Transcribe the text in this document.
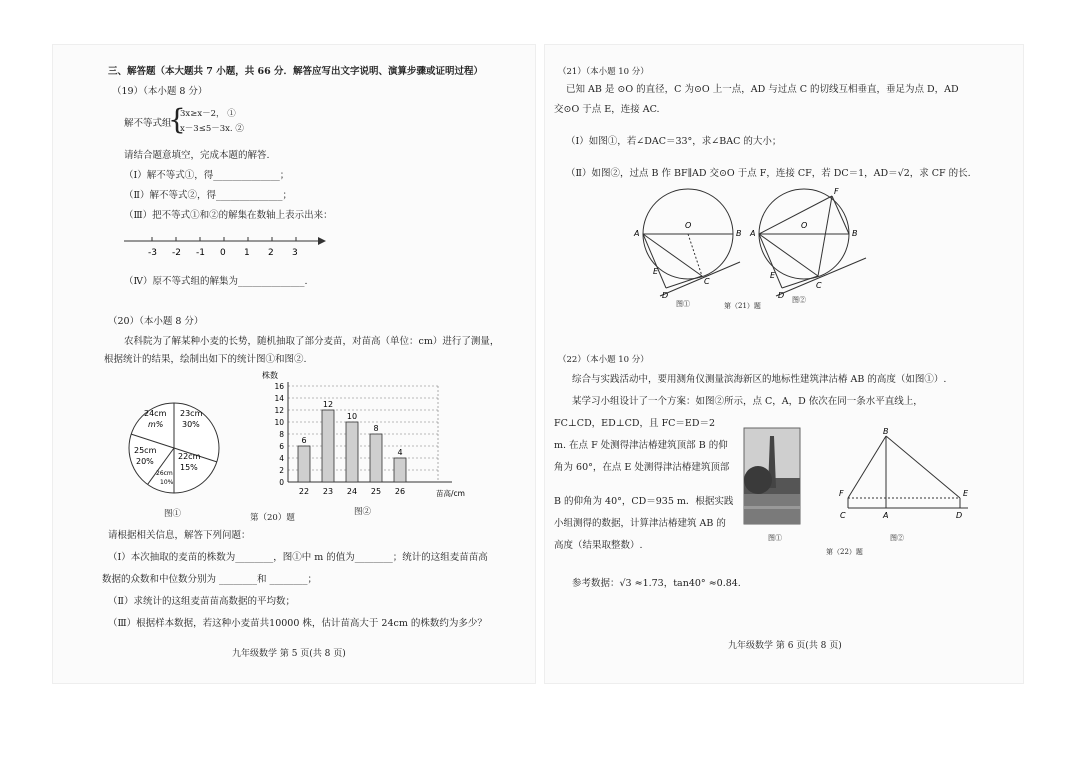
三、解答题（本大题共 7 小题，共 66 分．解答应写出文字说明、演算步骤或证明过程）
（19）（本小题 8 分）
解不等式组
{
3x≥x－2， ①
x－3≤5－3x. ②
请结合题意填空，完成本题的解答.
（Ⅰ）解不等式①，得______________；
（Ⅱ）解不等式②，得______________；
（Ⅲ）把不等式①和②的解集在数轴上表示出来：
-3 -2 -1 0 1 2 3
（Ⅳ）原不等式组的解集为______________.
（20）（本小题 8 分）
农科院为了解某种小麦的长势，随机抽取了部分麦苗，对苗高（单位：cm）进行了测量，
根据统计的结果，绘制出如下的统计图①和图②.
24cm
m%
23cm
30%
25cm
20%
22cm
15%
26cm
10%
株数
苗高/cm
0
2
4
6
8
10
12
14
16
6
22
12
23
10
24
8
25
4
26
图①	第（20）题
图②
请根据相关信息，解答下列问题：
（Ⅰ）本次抽取的麦苗的株数为________，图①中 m 的值为________；统计的这组麦苗苗高
数据的众数和中位数分别为 ________和 ________；
（Ⅱ）求统计的这组麦苗苗高数据的平均数；
（Ⅲ）根据样本数据，若这种小麦苗共10000 株，估计苗高大于 24cm 的株数约为多少？
九年级数学 第 5 页(共 8 页)
（21）（本小题 10 分）
已知 AB 是 ⊙O 的直径，C 为⊙O 上一点，AD 与过点 C 的切线互相垂直，垂足为点 D，AD
交⊙O 于点 E，连接 AC.
（Ⅰ）如图①，若∠DAC＝33°，求∠BAC 的大小；
（Ⅱ）如图②，过点 B 作 BF∥AD 交⊙O 于点 F，连接 CF，若 DC＝1，AD＝√2，求 CF 的长.
A	B
O
C
E
D
A	B
O
C
E
D
F
图①	第（21）题
图②
（22）（本小题 10 分）
综合与实践活动中，要用测角仪测量滨海新区的地标性建筑津沽椿 AB 的高度（如图①）.
某学习小组设计了一个方案：如图②所示，点 C，A，D 依次在同一条水平直线上，
FC⊥CD，ED⊥CD，且 FC＝ED＝2
m. 在点 F 处测得津沽椿建筑顶部 B 的仰
角为 60°，在点 E 处测得津沽椿建筑顶部
B 的仰角为 40°，CD＝935 m．根据实践
小组测得的数据，计算津沽椿建筑 AB 的
高度（结果取整数）.
图①
B
A
C	D
F	E
图②
第（22）题
参考数据：√3 ≈1.73，tan40° ≈0.84.
九年级数学 第 6 页(共 8 页)
